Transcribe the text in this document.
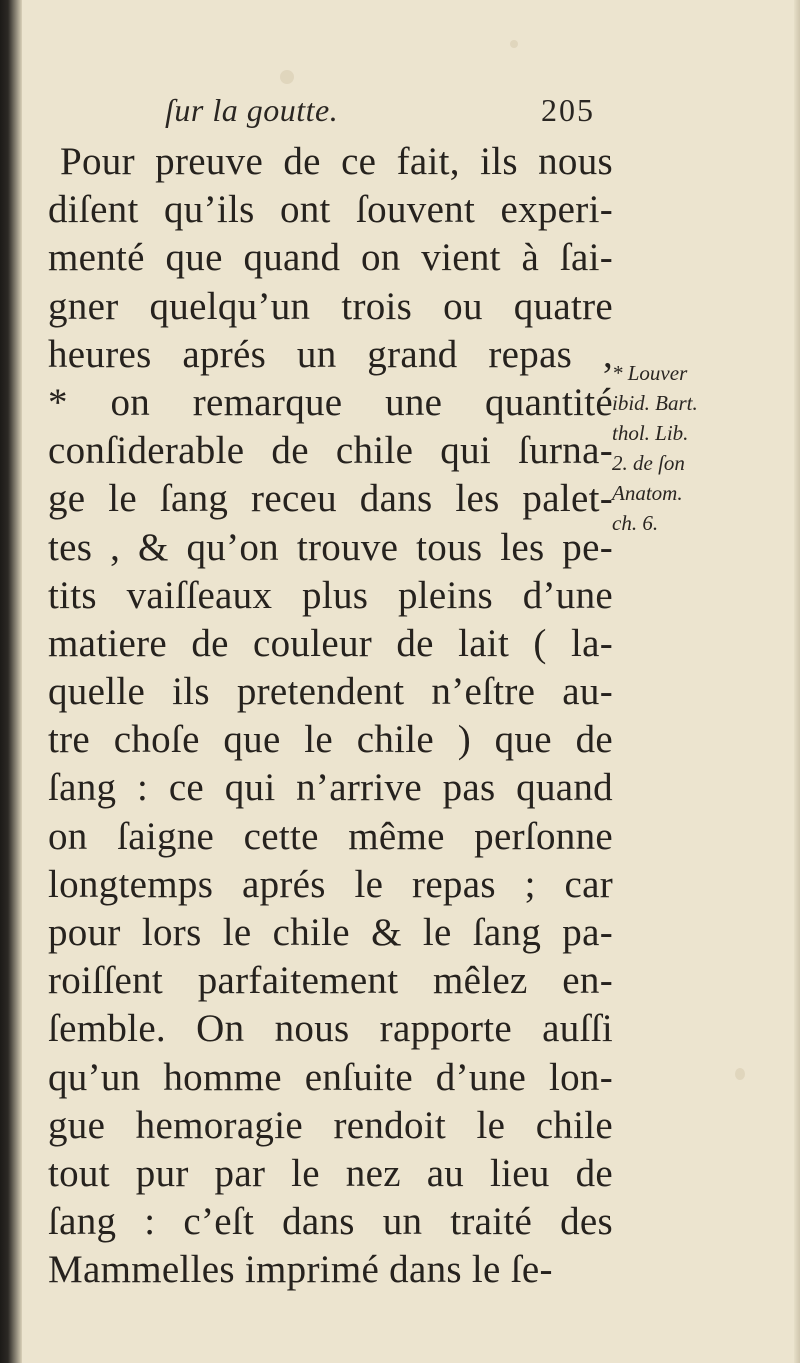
ſur la goutte.	205
Pour preuve de ce fait, ils nous
diſent qu’ils ont ſouvent experi-
menté que quand on vient à ſai-
gner quelqu’un trois ou quatre
heures aprés un grand repas ,
* on remarque une quantité
conſiderable de chile qui ſurna-
ge le ſang receu dans les palet-
tes , & qu’on trouve tous les pe-
tits vaiſſeaux plus pleins d’une
matiere de couleur de lait ( la-
quelle ils pretendent n’eſtre au-
tre choſe que le chile ) que de
ſang : ce qui n’arrive pas quand
on ſaigne cette même perſonne
longtemps aprés le repas ; car
pour lors le chile & le ſang pa-
roiſſent parfaitement mêlez en-
ſemble. On nous rapporte auſſi
qu’un homme enſuite d’une lon-
gue hemoragie rendoit le chile
tout pur par le nez au lieu de
ſang : c’eſt dans un traité des
Mammelles imprimé dans le ſe-
* Louver
ibid. Bart.
thol. Lib.
2. de ſon
Anatom.
ch. 6.
